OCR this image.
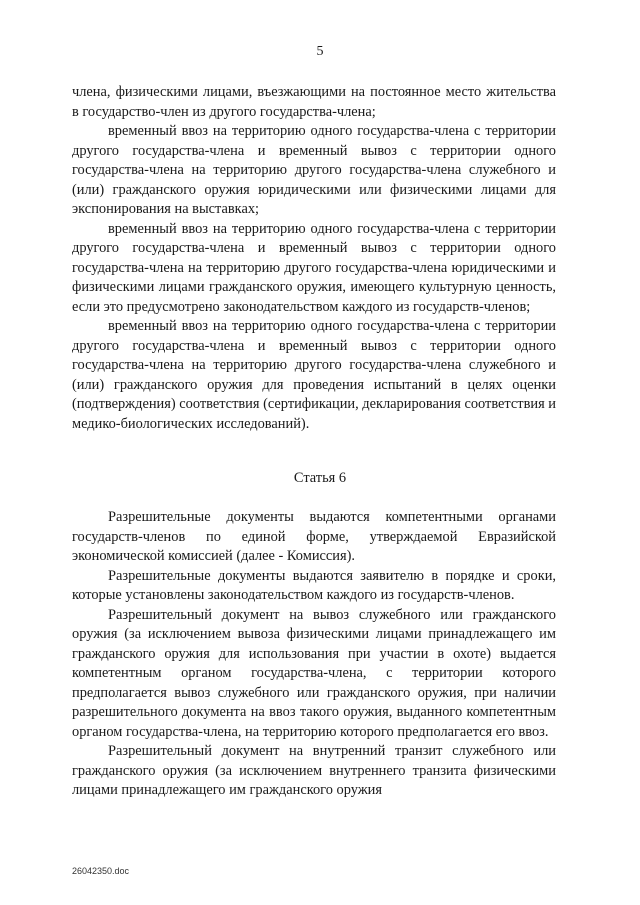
5

члена, физическими лицами, въезжающими на постоянное место жительства в государство-член из другого государства-члена;

временный ввоз на территорию одного государства-члена с территории другого государства-члена и временный вывоз с территории одного государства-члена на территорию другого государства-члена служебного и (или) гражданского оружия юридическими или физическими лицами для экспонирования на выставках;

временный ввоз на территорию одного государства-члена с территории другого государства-члена и временный вывоз с территории одного государства-члена на территорию другого государства-члена юридическими и физическими лицами гражданского оружия, имеющего культурную ценность, если это предусмотрено законодательством каждого из государств-членов;

временный ввоз на территорию одного государства-члена с территории другого государства-члена и временный вывоз с территории одного государства-члена на территорию другого государства-члена служебного и (или) гражданского оружия для проведения испытаний в целях оценки (подтверждения) соответствия (сертификации, декларирования соответствия и медико-биологических исследований).

Статья 6

Разрешительные документы выдаются компетентными органами государств-членов по единой форме, утверждаемой Евразийской экономической комиссией (далее - Комиссия).

Разрешительные документы выдаются заявителю в порядке и сроки, которые установлены законодательством каждого из государств-членов.

Разрешительный документ на вывоз служебного или гражданского оружия (за исключением вывоза физическими лицами принадлежащего им гражданского оружия для использования при участии в охоте) выдается компетентным органом государства-члена, с территории которого предполагается вывоз служебного или гражданского оружия, при наличии разрешительного документа на ввоз такого оружия, выданного компетентным органом государства-члена, на территорию которого предполагается его ввоз.

Разрешительный документ на внутренний транзит служебного или гражданского оружия (за исключением внутреннего транзита физическими лицами принадлежащего им гражданского оружия

26042350.doc
